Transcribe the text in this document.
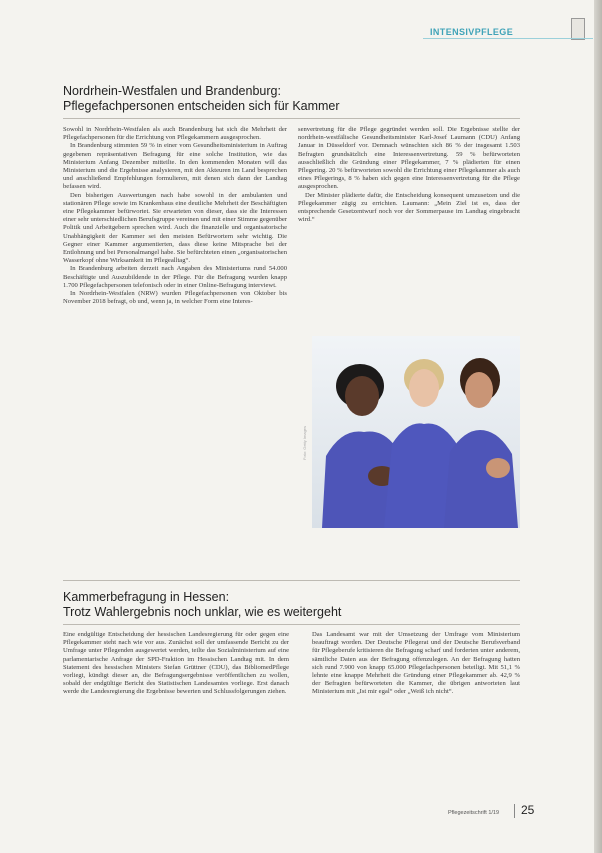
INTENSIVPFLEGE
Nordrhein-Westfalen und Brandenburg:
Pflegefachpersonen entscheiden sich für Kammer

Sowohl in Nordrhein-Westfalen als auch Brandenburg hat sich die Mehrheit der Pflegefachpersonen für die Errichtung von Pflegekammern ausgesprochen.

In Brandenburg stimmten 59 % in einer vom Gesundheitsministerium in Auftrag gegebenen repräsentativen Befragung für eine solche Institution, wie das Ministerium Anfang Dezember mitteilte. In den kommenden Monaten will das Ministerium und die Ergebnisse analysieren, mit den Akteuren im Land besprechen und anschließend Empfehlungen formulieren, mit denen sich dann der Landtag befassen wird.

Den bisherigen Auswertungen nach habe sowohl in der ambulanten und stationären Pflege sowie im Krankenhaus eine deutliche Mehrheit der Beschäftigten eine Pflegekammer befürwortet. Sie erwarteten von dieser, dass sie die Interessen einer sehr unterschiedlichen Berufsgruppe vereinen und mit einer Stimme gegenüber Politik und Arbeitgebern sprechen wird. Auch die finanzielle und organisatorische Unabhängigkeit der Kammer sei den meisten Befürwortern sehr wichtig. Die Gegner einer Kammer argumentierten, dass diese keine Mitsprache bei der Entlohnung und bei Personalmangel habe. Sie befürchteten einen „organisatorischen Wasserkopf ohne Wirksamkeit im Pflegealltag“.

In Brandenburg arbeiten derzeit nach Angaben des Ministeriums rund 54.000 Beschäftigte und Auszubildende in der Pflege. Für die Befragung wurden knapp 1.700 Pflegefachpersonen telefonisch oder in einer Online-Befragung interviewt.

In Nordrhein-Westfalen (NRW) wurden Pflegefachpersonen von Oktober bis November 2018 befragt, ob und, wenn ja, in welcher Form eine Interes-

senvertretung für die Pflege gegründet werden soll. Die Ergebnisse stellte der nordrhein-westfälische Gesundheitsminister Karl-Josef Laumann (CDU) Anfang Januar in Düsseldorf vor. Demnach wünschten sich 86 % der insgesamt 1.503 Befragten grundsätzlich eine Interessenvertretung. 59 % befürworteten ausschließlich die Gründung einer Pflegekammer, 7 % plädierten für einen Pflegering. 20 % befürworteten sowohl die Errichtung einer Pflegekammer als auch eines Pflegerings, 8 % haben sich gegen eine Interessenvertretung für die Pflege ausgesprochen.

Der Minister plädierte dafür, die Entscheidung konsequent umzusetzen und die Pflegekammer zügig zu errichten. Laumann: „Mein Ziel ist es, dass der entsprechende Gesetzentwurf noch vor der Sommerpause im Landtag eingebracht wird.“

Foto: Getty Images
Kammerbefragung in Hessen:
Trotz Wahlergebnis noch unklar, wie es weitergeht

Eine endgültige Entscheidung der hessischen Landesregierung für oder gegen eine Pflegekammer steht nach wie vor aus. Zunächst soll der umfassende Bericht zu der Umfrage unter Pflegenden ausgewertet werden, teilte das Sozialministerium auf eine parlamentarische Anfrage der SPD-Fraktion im Hessischen Landtag mit. In dem Statement des hessischen Ministers Stefan Grüttner (CDU), das BibliomedPflege vorliegt, kündigt dieser an, die Befragungsergebnisse veröffentlichen zu wollen, sobald der endgültige Bericht des Statistischen Landesamtes vorliege. Erst danach werde die Landesregierung die Ergebnisse bewerten und Schlussfolgerungen ziehen.

Das Landesamt war mit der Umsetzung der Umfrage vom Ministerium beauftragt worden. Der Deutsche Pflegerat und der Deutsche Berufsverband für Pflegeberufe kritisieren die Befragung scharf und forderten unter anderem, sämtliche Daten aus der Befragung offenzulegen. An der Befragung hatten sich rund 7.900 von knapp 65.000 Pflegefachpersonen beteiligt. Mit 51,1 % lehnte eine knappe Mehrheit die Gründung einer Pflegekammer ab. 42,9 % der Befragten befürworteten die Kammer, die übrigen antworteten laut Ministerium mit „Ist mir egal“ oder „Weiß ich nicht“.

Pflegezeitschrift 1/19 25
